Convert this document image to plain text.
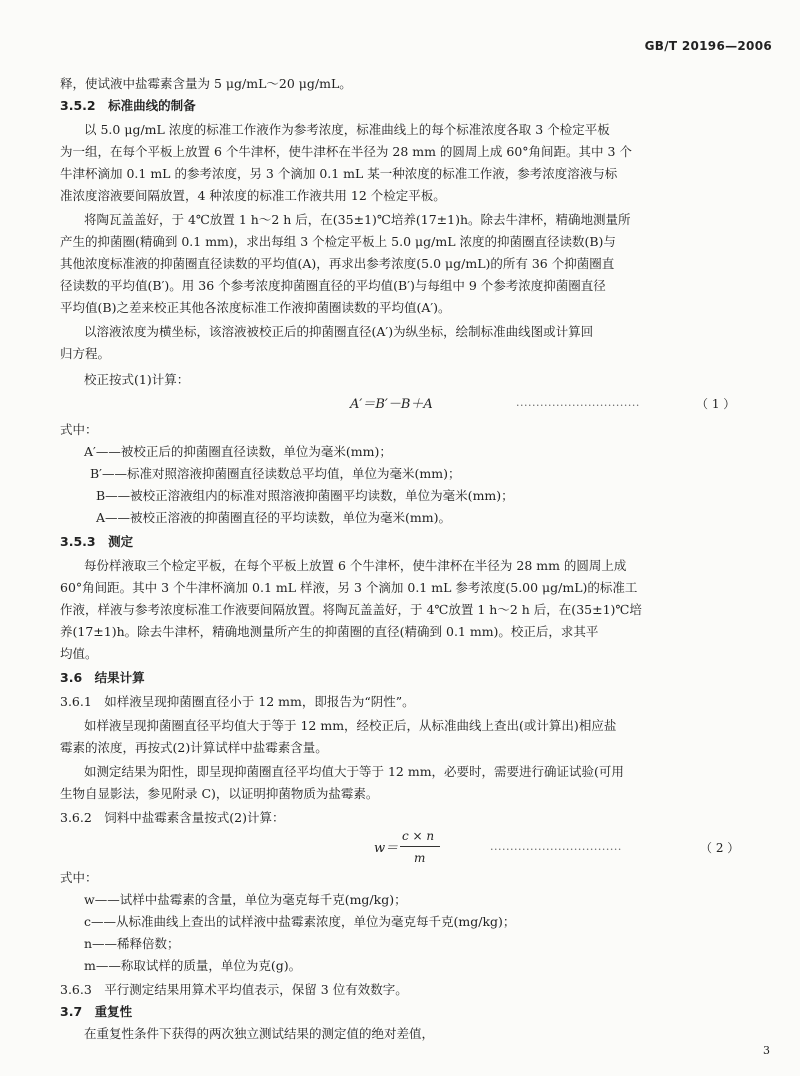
GB/T 20196—2006
释，使试液中盐霉素含量为 5 μg/mL～20 μg/mL。
3.5.2　标准曲线的制备
以 5.0 μg/mL 浓度的标准工作液作为参考浓度，标准曲线上的每个标准浓度各取 3 个检定平板
为一组，在每个平板上放置 6 个牛津杯，使牛津杯在半径为 28 mm 的圆周上成 60°角间距。其中 3 个
牛津杯滴加 0.1 mL 的参考浓度，另 3 个滴加 0.1 mL 某一种浓度的标准工作液，参考浓度溶液与标
准浓度溶液要间隔放置，4 种浓度的标准工作液共用 12 个检定平板。
将陶瓦盖盖好，于 4℃放置 1 h～2 h 后，在(35±1)℃培养(17±1)h。除去牛津杯，精确地测量所
产生的抑菌圈(精确到 0.1 mm)，求出每组 3 个检定平板上 5.0 μg/mL 浓度的抑菌圈直径读数(B)与
其他浓度标准液的抑菌圈直径读数的平均值(A)，再求出参考浓度(5.0 μg/mL)的所有 36 个抑菌圈直
径读数的平均值(B′)。用 36 个参考浓度抑菌圈直径的平均值(B′)与每组中 9 个参考浓度抑菌圈直径
平均值(B)之差来校正其他各浓度标准工作液抑菌圈读数的平均值(A′)。
以溶液浓度为横坐标，该溶液被校正后的抑菌圈直径(A′)为纵坐标，绘制标准曲线图或计算回
归方程。
校正按式(1)计算：
A′＝B′－B＋A	·······························	（ 1 ）
式中：
A′——被校正后的抑菌圈直径读数，单位为毫米(mm)；
B′——标准对照溶液抑菌圈直径读数总平均值，单位为毫米(mm)；
B——被校正溶液组内的标准对照溶液抑菌圈平均读数，单位为毫米(mm)；
A——被校正溶液的抑菌圈直径的平均读数，单位为毫米(mm)。
3.5.3　测定
每份样液取三个检定平板，在每个平板上放置 6 个牛津杯，使牛津杯在半径为 28 mm 的圆周上成
60°角间距。其中 3 个牛津杯滴加 0.1 mL 样液，另 3 个滴加 0.1 mL 参考浓度(5.00 μg/mL)的标准工
作液，样液与参考浓度标准工作液要间隔放置。将陶瓦盖盖好，于 4℃放置 1 h～2 h 后，在(35±1)℃培
养(17±1)h。除去牛津杯，精确地测量所产生的抑菌圈的直径(精确到 0.1 mm)。校正后，求其平
均值。
3.6　结果计算
3.6.1　如样液呈现抑菌圈直径小于 12 mm，即报告为“阴性”。
如样液呈现抑菌圈直径平均值大于等于 12 mm，经校正后，从标准曲线上查出(或计算出)相应盐
霉素的浓度，再按式(2)计算试样中盐霉素含量。
如测定结果为阳性，即呈现抑菌圈直径平均值大于等于 12 mm，必要时，需要进行确证试验(可用
生物自显影法，参见附录 C)，以证明抑菌物质为盐霉素。
3.6.2　饲料中盐霉素含量按式(2)计算：
w＝
c × n
m
·································	（ 2 ）
式中：
w——试样中盐霉素的含量，单位为毫克每千克(mg/kg)；
c——从标准曲线上查出的试样液中盐霉素浓度，单位为毫克每千克(mg/kg)；
n——稀释倍数；
m——称取试样的质量，单位为克(g)。
3.6.3　平行测定结果用算术平均值表示，保留 3 位有效数字。
3.7　重复性
在重复性条件下获得的两次独立测试结果的测定值的绝对差值，
3
